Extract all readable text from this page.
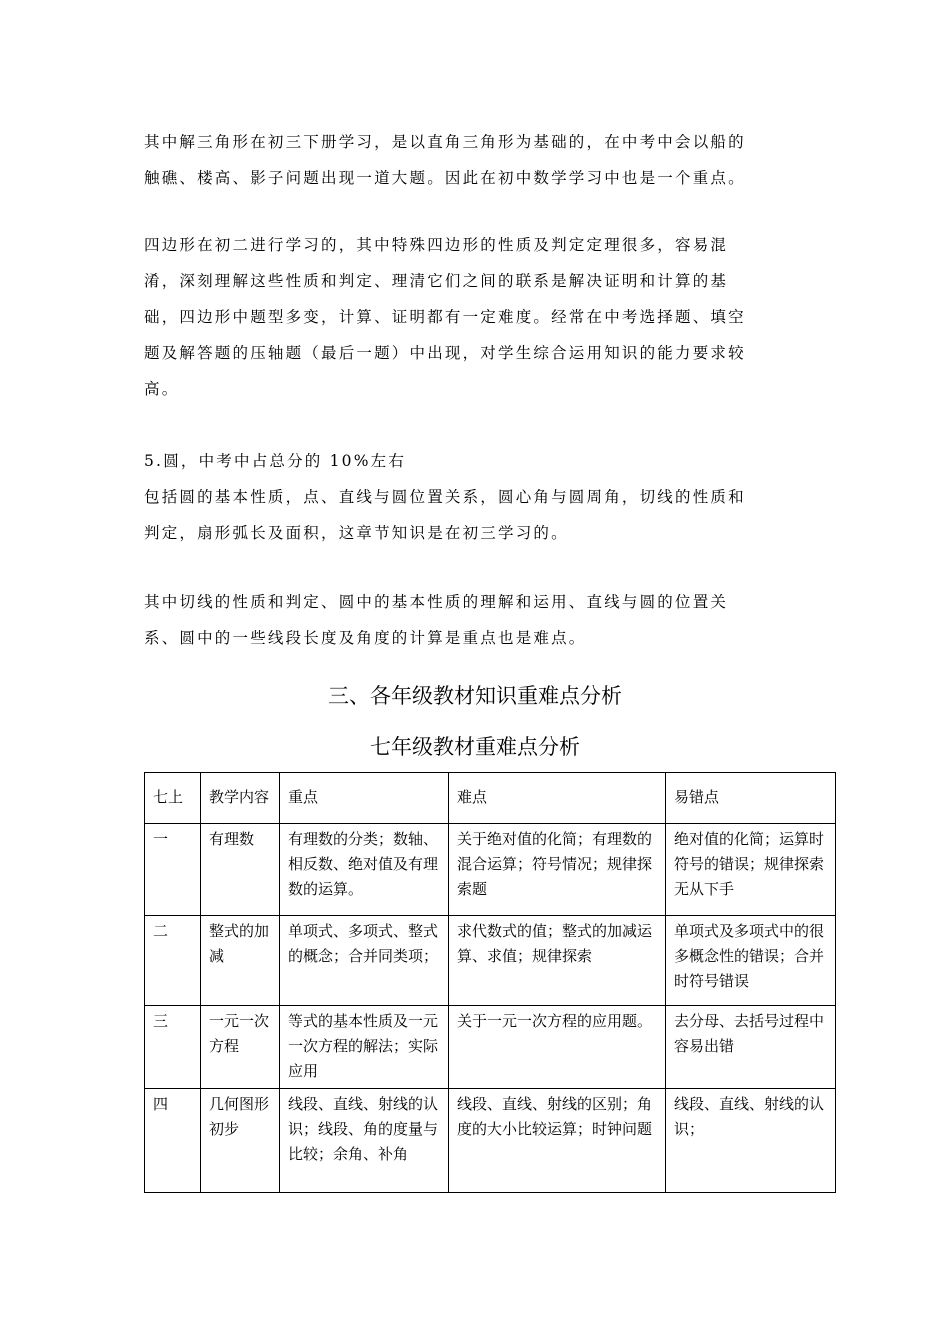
其中解三角形在初三下册学习，是以直角三角形为基础的，在中考中会以船的
触礁、楼高、影子问题出现一道大题。因此在初中数学学习中也是一个重点。

四边形在初二进行学习的，其中特殊四边形的性质及判定定理很多，容易混
淆，深刻理解这些性质和判定、理清它们之间的联系是解决证明和计算的基
础，四边形中题型多变，计算、证明都有一定难度。经常在中考选择题、填空
题及解答题的压轴题（最后一题）中出现，对学生综合运用知识的能力要求较
高。

5.圆，中考中占总分的 10%左右
包括圆的基本性质，点、直线与圆位置关系，圆心角与圆周角，切线的性质和
判定，扇形弧长及面积，这章节知识是在初三学习的。

其中切线的性质和判定、圆中的基本性质的理解和运用、直线与圆的位置关
系、圆中的一些线段长度及角度的计算是重点也是难点。

三、各年级教材知识重难点分析
七年级教材重难点分析
七上	教学内容	重点	难点	易错点
一	有理数	有理数的分类；数轴、相反数、绝对值及有理数的运算。	关于绝对值的化简；有理数的混合运算；符号情况；规律探索题	绝对值的化简；运算时符号的错误；规律探索无从下手
二	整式的加减	单项式、多项式、整式的概念；合并同类项；	求代数式的值；整式的加减运算、求值；规律探索	单项式及多项式中的很多概念性的错误；合并时符号错误
三	一元一次方程	等式的基本性质及一元一次方程的解法；实际应用	关于一元一次方程的应用题。	去分母、去括号过程中容易出错
四	几何图形初步	线段、直线、射线的认识；线段、角的度量与比较；余角、补角	线段、直线、射线的区别；角度的大小比较运算；时钟问题	线段、直线、射线的认识；
